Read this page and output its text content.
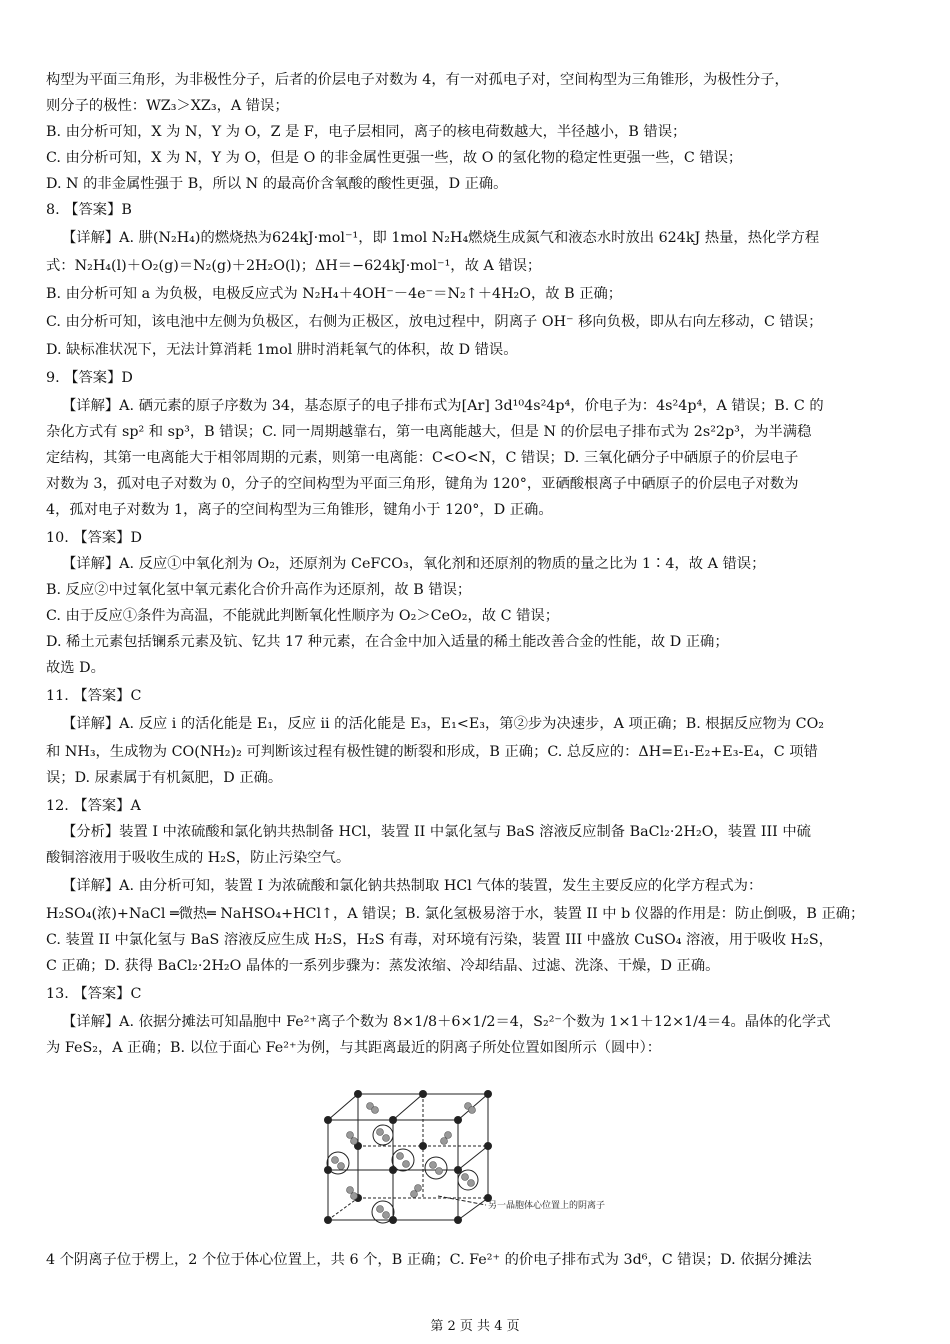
构型为平面三角形，为非极性分子，后者的价层电子对数为 4，有一对孤电子对，空间构型为三角锥形，为极性分子，
则分子的极性：WZ₃＞XZ₃，A 错误；
B. 由分析可知，X 为 N，Y 为 O，Z 是 F，电子层相同，离子的核电荷数越大，半径越小，B 错误；
C. 由分析可知，X 为 N，Y 为 O，但是 O 的非金属性更强一些，故 O 的氢化物的稳定性更强一些，C 错误；
D. N 的非金属性强于 B，所以 N 的最高价含氧酸的酸性更强，D 正确。
8. 【答案】B
【详解】A. 肼(N₂H₄)的燃烧热为624kJ·mol⁻¹，即 1mol N₂H₄燃烧生成氮气和液态水时放出 624kJ 热量，热化学方程
式：N₂H₄(l)＋O₂(g)＝N₂(g)＋2H₂O(l)；ΔH＝−624kJ·mol⁻¹，故 A 错误；
B. 由分析可知 a 为负极，电极反应式为 N₂H₄＋4OH⁻－4e⁻＝N₂↑＋4H₂O，故 B 正确；
C. 由分析可知，该电池中左侧为负极区，右侧为正极区，放电过程中，阴离子 OH⁻ 移向负极，即从右向左移动，C 错误；
D. 缺标准状况下，无法计算消耗 1mol 肼时消耗氧气的体积，故 D 错误。
9. 【答案】D
【详解】A. 硒元素的原子序数为 34，基态原子的电子排布式为[Ar] 3d¹⁰4s²4p⁴，价电子为：4s²4p⁴，A 错误；B. C 的
杂化方式有 sp² 和 sp³，B 错误；C. 同一周期越靠右，第一电离能越大，但是 N 的价层电子排布式为 2s²2p³，为半满稳
定结构，其第一电离能大于相邻周期的元素，则第一电离能：C<O<N，C 错误；D. 三氧化硒分子中硒原子的价层电子
对数为 3，孤对电子对数为 0，分子的空间构型为平面三角形，键角为 120°，亚硒酸根离子中硒原子的价层电子对数为
4，孤对电子对数为 1，离子的空间构型为三角锥形，键角小于 120°，D 正确。
10. 【答案】D
【详解】A. 反应①中氧化剂为 O₂，还原剂为 CeFCO₃，氧化剂和还原剂的物质的量之比为 1∶4，故 A 错误；
B. 反应②中过氧化氢中氧元素化合价升高作为还原剂，故 B 错误；
C. 由于反应①条件为高温，不能就此判断氧化性顺序为 O₂＞CeO₂，故 C 错误；
D. 稀土元素包括镧系元素及钪、钇共 17 种元素，在合金中加入适量的稀土能改善合金的性能，故 D 正确；
故选 D。
11. 【答案】C
【详解】A. 反应 i 的活化能是 E₁，反应 ii 的活化能是 E₃，E₁<E₃，第②步为决速步，A 项正确；B. 根据反应物为 CO₂
和 NH₃，生成物为 CO(NH₂)₂ 可判断该过程有极性键的断裂和形成，B 正确；C. 总反应的：ΔH=E₁-E₂+E₃-E₄，C 项错
误；D. 尿素属于有机氮肥，D 正确。
12. 【答案】A
【分析】装置 I 中浓硫酸和氯化钠共热制备 HCl，装置 II 中氯化氢与 BaS 溶液反应制备 BaCl₂·2H₂O，装置 III 中硫
酸铜溶液用于吸收生成的 H₂S，防止污染空气。
【详解】A. 由分析可知，装置 I 为浓硫酸和氯化钠共热制取 HCl 气体的装置，发生主要反应的化学方程式为：
H₂SO₄(浓)+NaCl ═微热═ NaHSO₄+HCl↑，A 错误；B. 氯化氢极易溶于水，装置 II 中 b 仪器的作用是：防止倒吸，B 正确；
C. 装置 II 中氯化氢与 BaS 溶液反应生成 H₂S，H₂S 有毒，对环境有污染，装置 III 中盛放 CuSO₄ 溶液，用于吸收 H₂S，
C 正确；D. 获得 BaCl₂·2H₂O 晶体的一系列步骤为：蒸发浓缩、冷却结晶、过滤、洗涤、干燥，D 正确。
13. 【答案】C
【详解】A. 依据分摊法可知晶胞中 Fe²⁺离子个数为 8×1/8＋6×1/2＝4，S₂²⁻个数为 1×1＋12×1/4＝4。晶体的化学式
为 FeS₂，A 正确；B. 以位于面心 Fe²⁺为例，与其距离最近的阴离子所处位置如图所示（圆中）：
4 个阴离子位于楞上，2 个位于体心位置上，共 6 个，B 正确；C. Fe²⁺ 的价电子排布式为 3d⁶，C 错误；D. 依据分摊法
另一晶胞体心位置上的阴离子
第 2 页 共 4 页
